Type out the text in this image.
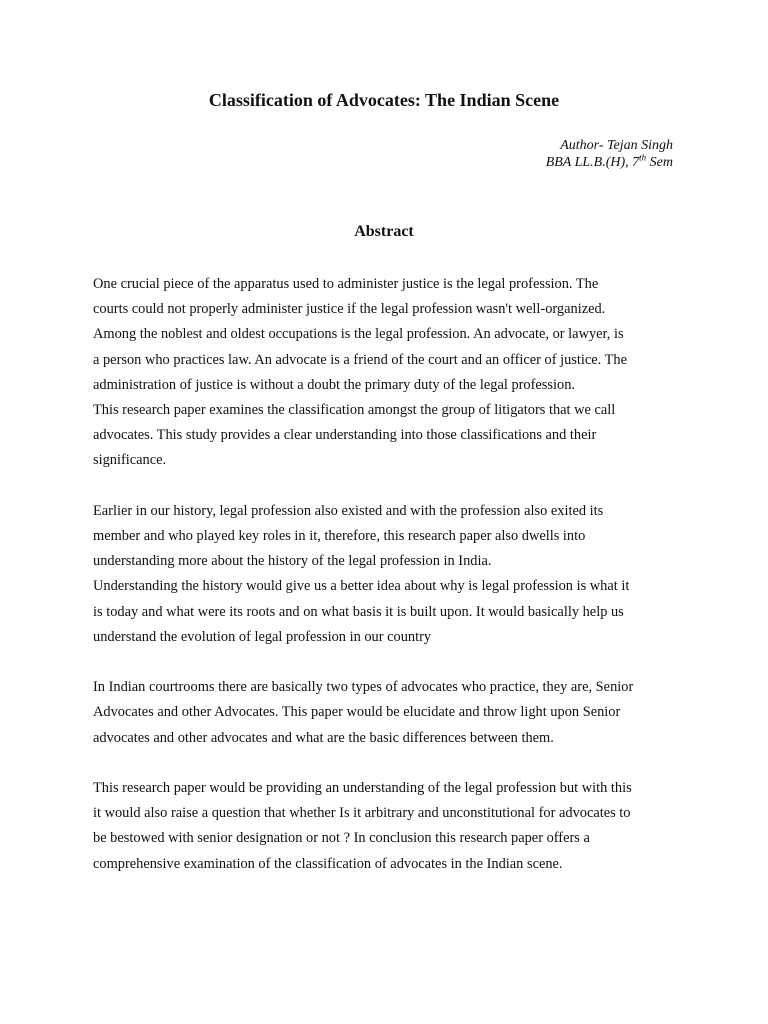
Classification of Advocates: The Indian Scene
Author- Tejan Singh
BBA LL.B.(H), 7th Sem
Abstract

One crucial piece of the apparatus used to administer justice is the legal profession. The
courts could not properly administer justice if the legal profession wasn't well-organized.
Among the noblest and oldest occupations is the legal profession. An advocate, or lawyer, is
a person who practices law. An advocate is a friend of the court and an officer of justice. The
administration of justice is without a doubt the primary duty of the legal profession.

This research paper examines the classification amongst the group of litigators that we call
advocates. This study provides a clear understanding into those classifications and their
significance.

Earlier in our history, legal profession also existed and with the profession also exited its
member and who played key roles in it, therefore, this research paper also dwells into
understanding more about the history of the legal profession in India.

Understanding the history would give us a better idea about why is legal profession is what it
is today and what were its roots and on what basis it is built upon. It would basically help us
understand the evolution of legal profession in our country

In Indian courtrooms there are basically two types of advocates who practice, they are, Senior
Advocates and other Advocates. This paper would be elucidate and throw light upon Senior
advocates and other advocates and what are the basic differences between them.

This research paper would be providing an understanding of the legal profession but with this
it would also raise a question that whether Is it arbitrary and unconstitutional for advocates to
be bestowed with senior designation or not ? In conclusion this research paper offers a
comprehensive examination of the classification of advocates in the Indian scene.
